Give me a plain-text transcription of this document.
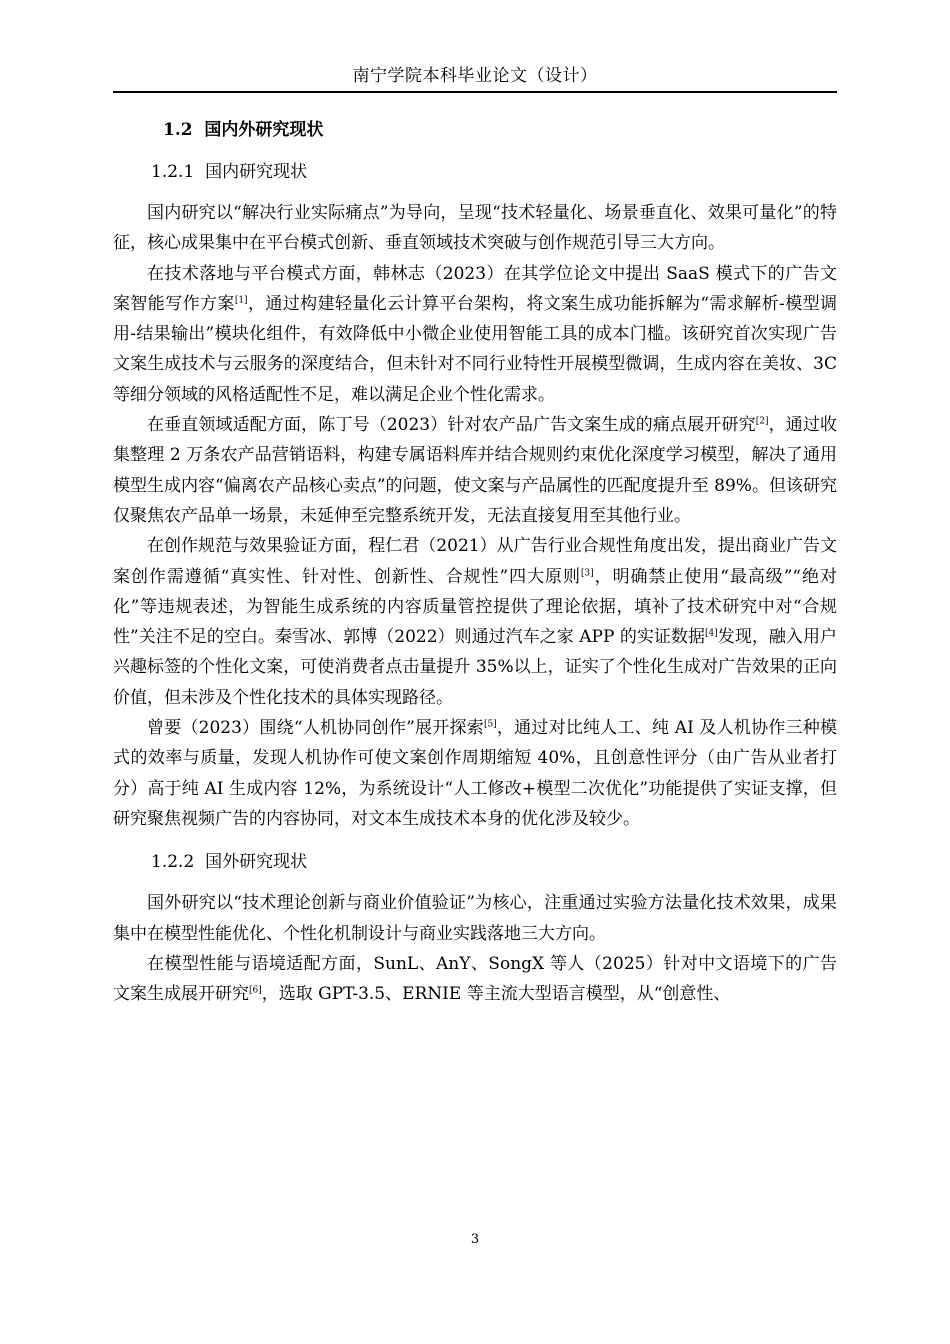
南宁学院本科毕业论文（设计）
1.2 国内外研究现状
1.2.1 国内研究现状

国内研究以“解决行业实际痛点”为导向，呈现“技术轻量化、场景垂直化、效果可量化”的特征，核心成果集中在平台模式创新、垂直领域技术突破与创作规范引导三大方向。

在技术落地与平台模式方面，韩林志（2023）在其学位论文中提出 SaaS 模式下的广告文案智能写作方案[1]，通过构建轻量化云计算平台架构，将文案生成功能拆解为“需求解析-模型调用-结果输出”模块化组件，有效降低中小微企业使用智能工具的成本门槛。该研究首次实现广告文案生成技术与云服务的深度结合，但未针对不同行业特性开展模型微调，生成内容在美妆、3C 等细分领域的风格适配性不足，难以满足企业个性化需求。

在垂直领域适配方面，陈丁号（2023）针对农产品广告文案生成的痛点展开研究[2]，通过收集整理 2 万条农产品营销语料，构建专属语料库并结合规则约束优化深度学习模型，解决了通用模型生成内容“偏离农产品核心卖点”的问题，使文案与产品属性的匹配度提升至 89%。但该研究仅聚焦农产品单一场景，未延伸至完整系统开发，无法直接复用至其他行业。

在创作规范与效果验证方面，程仁君（2021）从广告行业合规性角度出发，提出商业广告文案创作需遵循“真实性、针对性、创新性、合规性”四大原则[3]，明确禁止使用“最高级”“绝对化”等违规表述，为智能生成系统的内容质量管控提供了理论依据，填补了技术研究中对“合规性”关注不足的空白。秦雪冰、郭博（2022）则通过汽车之家 APP 的实证数据[4]发现，融入用户兴趣标签的个性化文案，可使消费者点击量提升 35%以上，证实了个性化生成对广告效果的正向价值，但未涉及个性化技术的具体实现路径。

曾要（2023）围绕“人机协同创作”展开探索[5]，通过对比纯人工、纯 AI 及人机协作三种模式的效率与质量，发现人机协作可使文案创作周期缩短 40%，且创意性评分（由广告从业者打分）高于纯 AI 生成内容 12%，为系统设计“人工修改+模型二次优化”功能提供了实证支撑，但研究聚焦视频广告的内容协同，对文本生成技术本身的优化涉及较少。

1.2.2 国外研究现状

国外研究以“技术理论创新与商业价值验证”为核心，注重通过实验方法量化技术效果，成果集中在模型性能优化、个性化机制设计与商业实践落地三大方向。

在模型性能与语境适配方面，SunL、AnY、SongX 等人（2025）针对中文语境下的广告文案生成展开研究[6]，选取 GPT-3.5、ERNIE 等主流大型语言模型，从“创意性、

3
